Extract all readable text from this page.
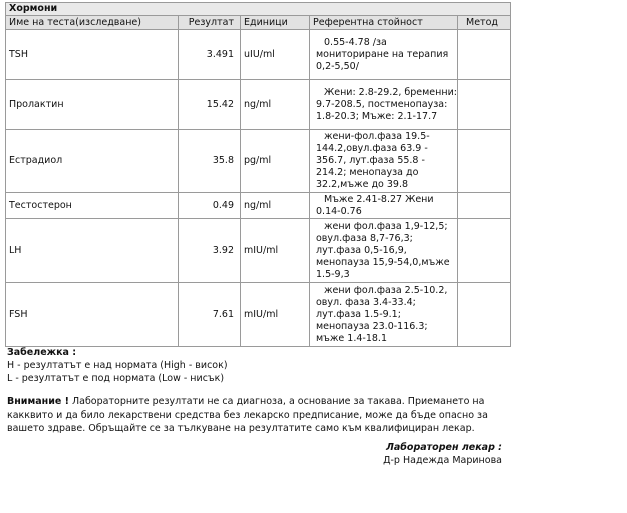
Хормони				
Име на теста(изследване)	Резултат	Единици	Референтна стойност	Метод
TSH	3.491	uIU/ml	0.55-4.78 /за
мониториране на терапия
0,2-5,50/	

Пролактин	15.42	ng/ml	Жени: 2.8-29.2, бременни:
9.7-208.5, постменопауза:
1.8-20.3; Мъже: 2.1-17.7	

Естрадиол	35.8	pg/ml	жени-фол.фаза 19.5-
144.2,овул.фаза 63.9 -
356.7, лут.фаза 55.8 -
214.2; менопауза до
32.2,мъже до 39.8	

Тестостерон	0.49	ng/ml	Мъже 2.41-8.27 Жени
0.14-0.76	

LH	3.92	mIU/ml	жени фол.фаза 1,9-12,5;
овул.фаза 8,7-76,3;
лут.фаза 0,5-16,9,
менопауза 15,9-54,0,мъже
1.5-9,3	

FSH	7.61	mIU/ml	жени фол.фаза 2.5-10.2,
овул. фаза 3.4-33.4;
лут.фаза 1.5-9.1;
менопауза 23.0-116.3;
мъже 1.4-18.1	

Забележка :
H - резултатът е над нормата (High - висок)
L - резултатът е под нормата (Low - нисък)
Внимание ! Лабораторните резултати не са диагноза, а основание за такава. Приемането на какквито и да било лекарствени средства без лекарско предписание, може да бъде опасно за вашето здраве. Обръщайте се за тълкуване на резултатите само към квалифициран лекар.
Лабораторен лекар :
Д-р Надежда Маринова
